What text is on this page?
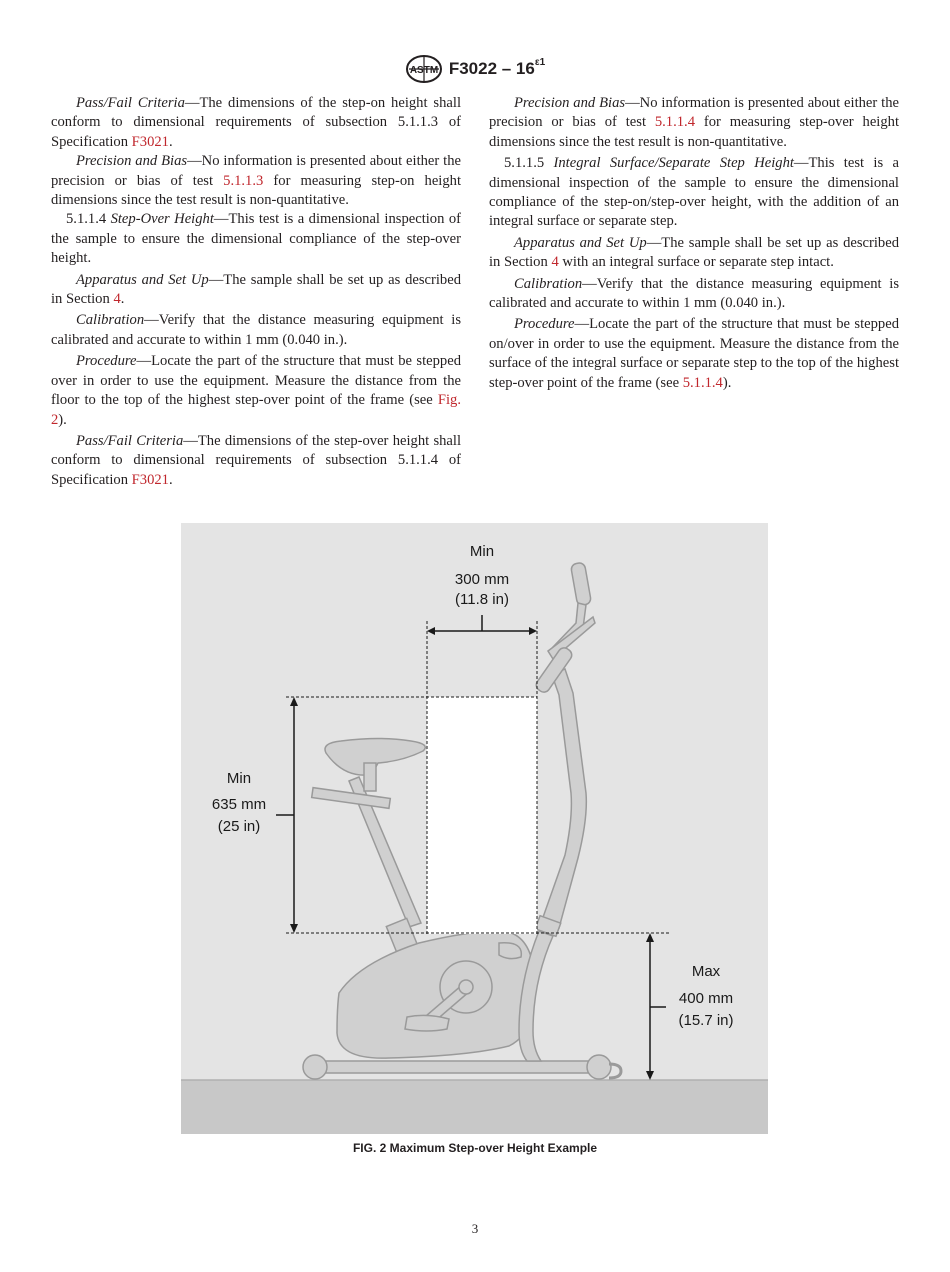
ASTM $F3022 - 16^{\varepsilon 1}$

Pass/Fail Criteria—The dimensions of the step-on height shall conform to dimensional requirements of subsection 5.1.1.3 of Specification F3021.

Precision and Bias—No information is presented about either the precision or bias of test 5.1.1.3 for measuring step-on height dimensions since the test result is non-quantitative.

5.1.1.4 Step-Over Height—This test is a dimensional inspection of the sample to ensure the dimensional compliance of the step-over height.

Apparatus and Set Up—The sample shall be set up as described in Section 4.

Calibration—Verify that the distance measuring equipment is calibrated and accurate to within 1 mm (0.040 in.).

Procedure—Locate the part of the structure that must be stepped over in order to use the equipment. Measure the distance from the floor to the top of the highest step-over point of the frame (see Fig. 2).

Pass/Fail Criteria—The dimensions of the step-over height shall conform to dimensional requirements of subsection 5.1.1.4 of Specification F3021.

Precision and Bias—No information is presented about either the precision or bias of test 5.1.1.4 for measuring step-over height dimensions since the test result is non-quantitative.

5.1.1.5 Integral Surface/Separate Step Height—This test is a dimensional inspection of the sample to ensure the dimensional compliance of the step-on/step-over height, with the addition of an integral surface or separate step.

Apparatus and Set Up—The sample shall be set up as described in Section 4 with an integral surface or separate step intact.

Calibration—Verify that the distance measuring equipment is calibrated and accurate to within 1 mm (0.040 in.).

Procedure—Locate the part of the structure that must be stepped on/over in order to use the equipment. Measure the distance from the surface of the integral surface or separate step to the top of the highest step-over point of the frame (see 5.1.1.4).

Min
300 mm
(11.8 in)
Min
635 mm
(25 in)
Max
400 mm
(15.7 in)
FIG. 2 Maximum Step-over Height Example
3
